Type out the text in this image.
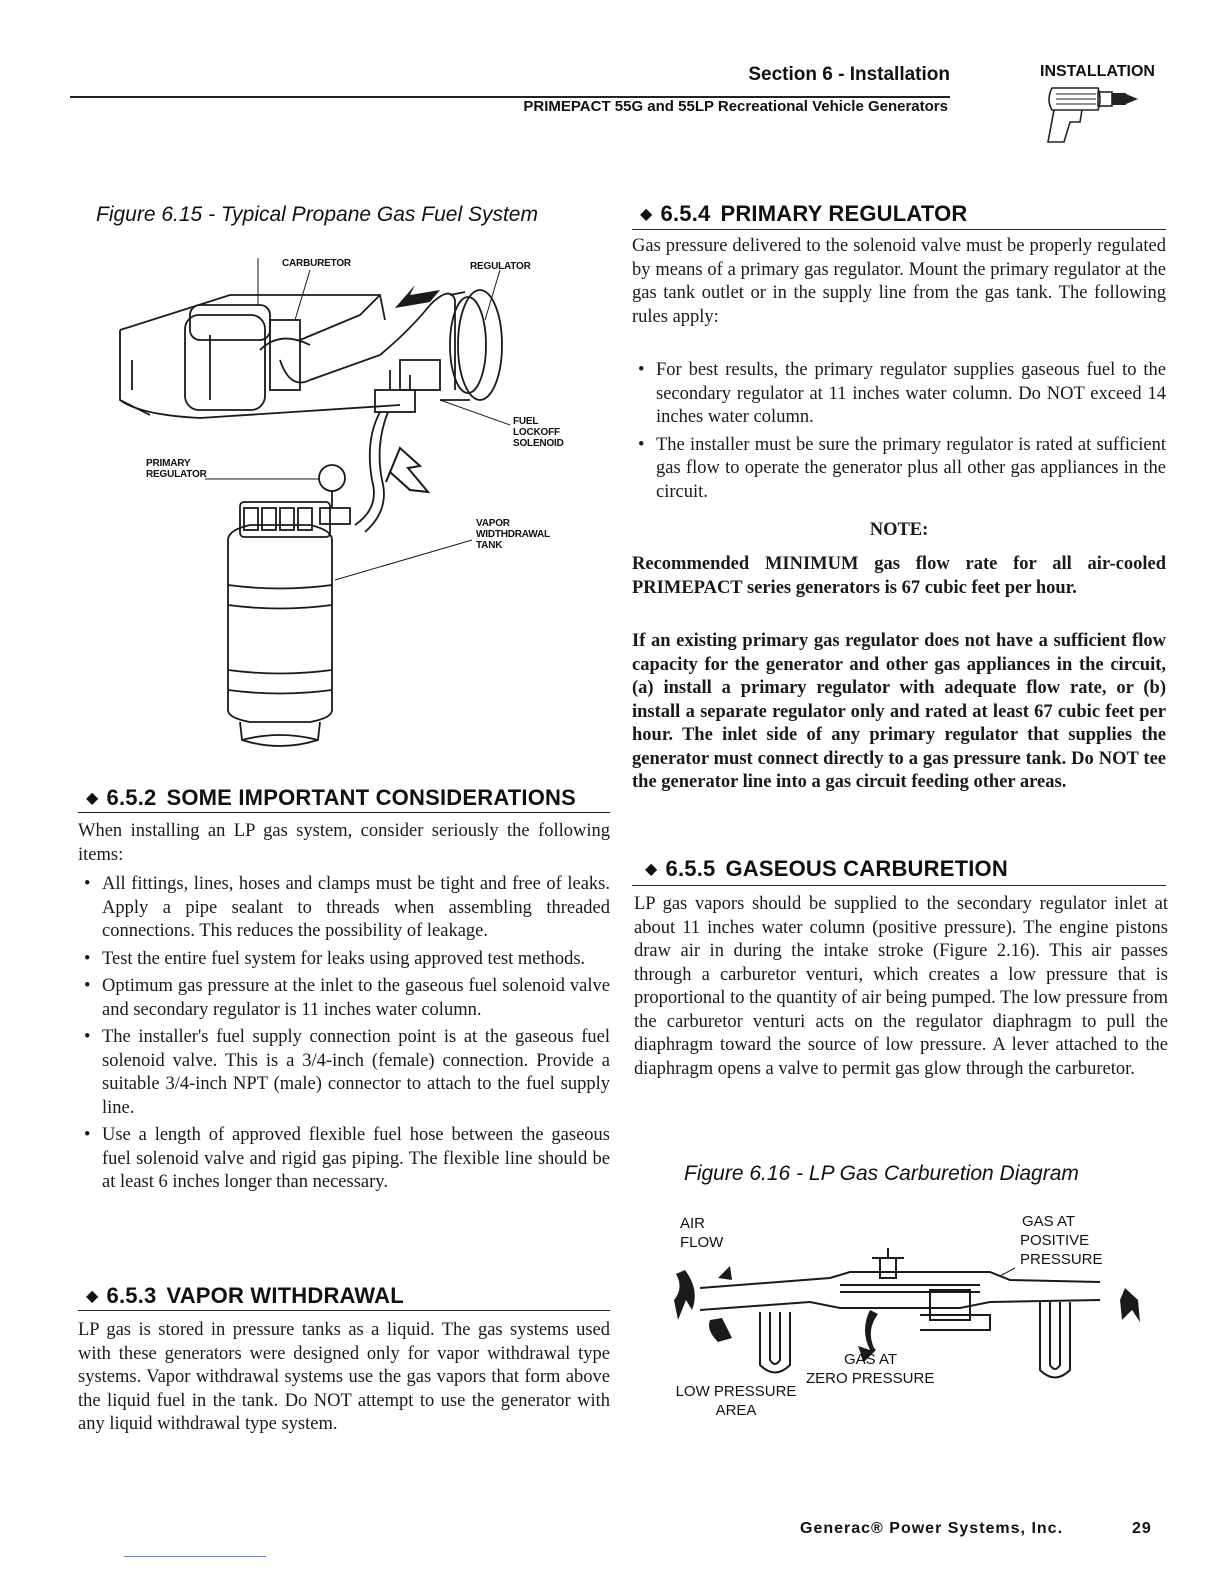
Section 6 - Installation
PRIMEPACT 55G and 55LP Recreational Vehicle Generators
INSTALLATION
Figure 6.15 - Typical Propane Gas Fuel System
CARBURETOR	REGULATOR
FUEL
LOCKOFF
SOLENOID
PRIMARY
REGULATOR
VAPOR
WIDTHDRAWAL
TANK
◆ 6.5.2 SOME IMPORTANT CONSIDERATIONS
When installing an LP gas system, consider seriously the following items:
• All fittings, lines, hoses and clamps must be tight and free of leaks. Apply a pipe sealant to threads when assembling threaded connections. This reduces the possibility of leakage.
• Test the entire fuel system for leaks using approved test methods.
• Optimum gas pressure at the inlet to the gaseous fuel solenoid valve and secondary regulator is 11 inches water column.
• The installer's fuel supply connection point is at the gaseous fuel solenoid valve. This is a 3/4-inch (female) connection. Provide a suitable 3/4-inch NPT (male) connector to attach to the fuel supply line.
• Use a length of approved flexible fuel hose between the gaseous fuel solenoid valve and rigid gas piping. The flexible line should be at least 6 inches longer than necessary.
◆ 6.5.3 VAPOR WITHDRAWAL
LP gas is stored in pressure tanks as a liquid. The gas systems used with these generators were designed only for vapor withdrawal type systems. Vapor withdrawal systems use the gas vapors that form above the liquid fuel in the tank. Do NOT attempt to use the generator with any liquid withdrawal type system.
◆ 6.5.4 PRIMARY REGULATOR
Gas pressure delivered to the solenoid valve must be properly regulated by means of a primary gas regulator. Mount the primary regulator at the gas tank outlet or in the supply line from the gas tank. The following rules apply:
• For best results, the primary regulator supplies gaseous fuel to the secondary regulator at 11 inches water column. Do NOT exceed 14 inches water column.
• The installer must be sure the primary regulator is rated at sufficient gas flow to operate the generator plus all other gas appliances in the circuit.
NOTE:
Recommended MINIMUM gas flow rate for all air-cooled PRIMEPACT series generators is 67 cubic feet per hour.
If an existing primary gas regulator does not have a sufficient flow capacity for the generator and other gas appliances in the circuit, (a) install a primary regulator with adequate flow rate, or (b) install a separate regulator only and rated at least 67 cubic feet per hour. The inlet side of any primary regulator that supplies the generator must connect directly to a gas pressure tank. Do NOT tee the generator line into a gas circuit feeding other areas.
◆ 6.5.5 GASEOUS CARBURETION
LP gas vapors should be supplied to the secondary regulator inlet at about 11 inches water column (positive pressure). The engine pistons draw air in during the intake stroke (Figure 2.16). This air passes through a carburetor venturi, which creates a low pressure that is proportional to the quantity of air being pumped. The low pressure from the carburetor venturi acts on the regulator diaphragm to pull the diaphragm toward the source of low pressure. A lever attached to the diaphragm opens a valve to permit gas glow through the carburetor.
Figure 6.16 - LP Gas Carburetion Diagram
AIR
FLOW
GAS AT
POSITIVE
PRESSURE
GAS AT
ZERO PRESSURE
LOW PRESSURE
AREA
Generac® Power Systems, Inc.	29
